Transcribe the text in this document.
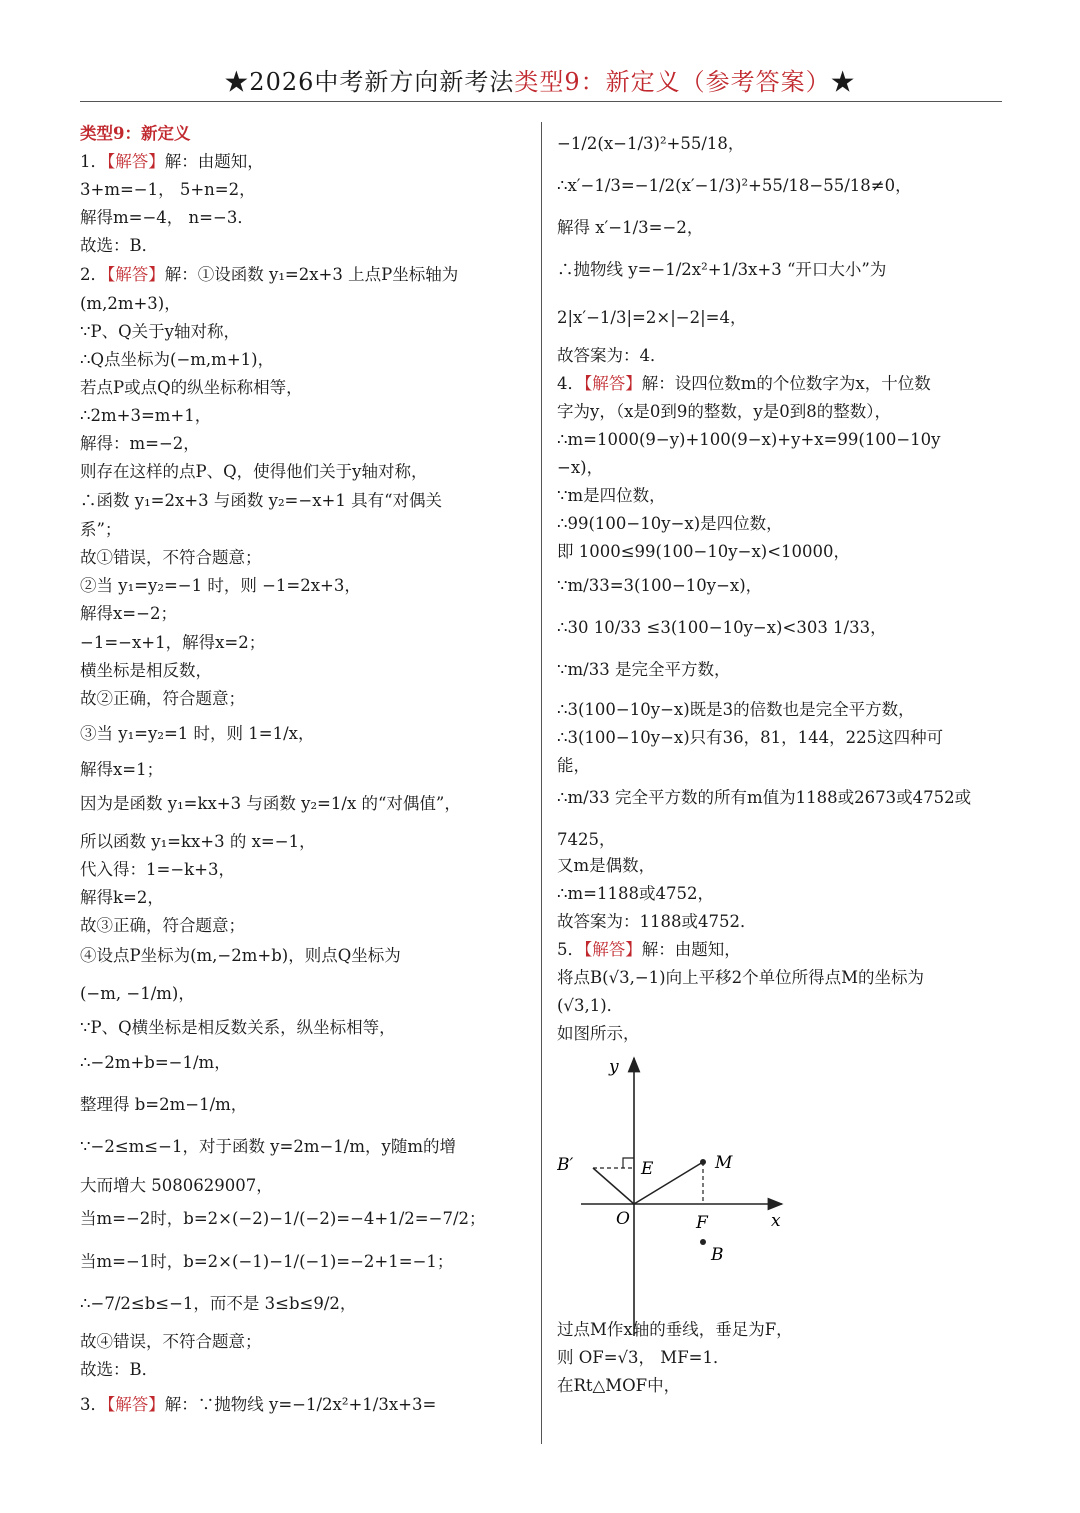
★2026中考新方向新考法类型9：新定义（参考答案）★
类型9：新定义
1．【解答】解：由题知，
3+m=−1， 5+n=2，
解得m=−4， n=−3．
故选：B．
2．【解答】解：①设函数 y₁=2x+3 上点P坐标轴为
(m,2m+3)，
∵P、Q关于y轴对称，
∴Q点坐标为(−m,m+1)，
若点P或点Q的纵坐标称相等，
∴2m+3=m+1，
解得：m=−2，
则存在这样的点P、Q，使得他们关于y轴对称，
∴函数 y₁=2x+3 与函数 y₂=−x+1 具有“对偶关
系”；
故①错误，不符合题意；
②当 y₁=y₂=−1 时，则 −1=2x+3，
解得x=−2；
−1=−x+1，解得x=2；
横坐标是相反数，
故②正确，符合题意；
③当 y₁=y₂=1 时，则 1=1/x，
解得x=1；
因为是函数 y₁=kx+3 与函数 y₂=1/x 的“对偶值”，
所以函数 y₁=kx+3 的 x=−1，
代入得：1=−k+3，
解得k=2，
故③正确，符合题意；
④设点P坐标为(m,−2m+b)，则点Q坐标为
(−m, −1/m)，
∵P、Q横坐标是相反数关系，纵坐标相等，
∴−2m+b=−1/m，
整理得 b=2m−1/m，
∵−2≤m≤−1，对于函数 y=2m−1/m，y随m的增
大而增大 5080629007，
当m=−2时，b=2×(−2)−1/(−2)=−4+1/2=−7/2；
当m=−1时，b=2×(−1)−1/(−1)=−2+1=−1；
∴−7/2≤b≤−1，而不是 3≤b≤9/2，
故④错误，不符合题意；
故选：B．
3．【解答】解：∵抛物线 y=−1/2x²+1/3x+3=
y
x
O
B′	E	M
F
B
−1/2(x−1/3)²+55/18，
∴x′−1/3=−1/2(x′−1/3)²+55/18−55/18≠0，
解得 x′−1/3=−2，
∴抛物线 y=−1/2x²+1/3x+3 “开口大小”为
2|x′−1/3|=2×|−2|=4，
故答案为：4．
4．【解答】解：设四位数m的个位数字为x，十位数
字为y，（x是0到9的整数，y是0到8的整数），
∴m=1000(9−y)+100(9−x)+y+x=99(100−10y
−x)，
∵m是四位数，
∴99(100−10y−x)是四位数，
即 1000≤99(100−10y−x)<10000，
∵m/33=3(100−10y−x)，
∴30 10/33 ≤3(100−10y−x)<303 1/33，
∵m/33 是完全平方数，
∴3(100−10y−x)既是3的倍数也是完全平方数，
∴3(100−10y−x)只有36，81，144，225这四种可
能，
∴m/33 完全平方数的所有m值为1188或2673或4752或
7425，
又m是偶数，
∴m=1188或4752，
故答案为：1188或4752．
5．【解答】解：由题知，
将点B(√3,−1)向上平移2个单位所得点M的坐标为
(√3,1)．
如图所示，
过点M作x轴的垂线，垂足为F，
则 OF=√3， MF=1．
在Rt△MOF中，
